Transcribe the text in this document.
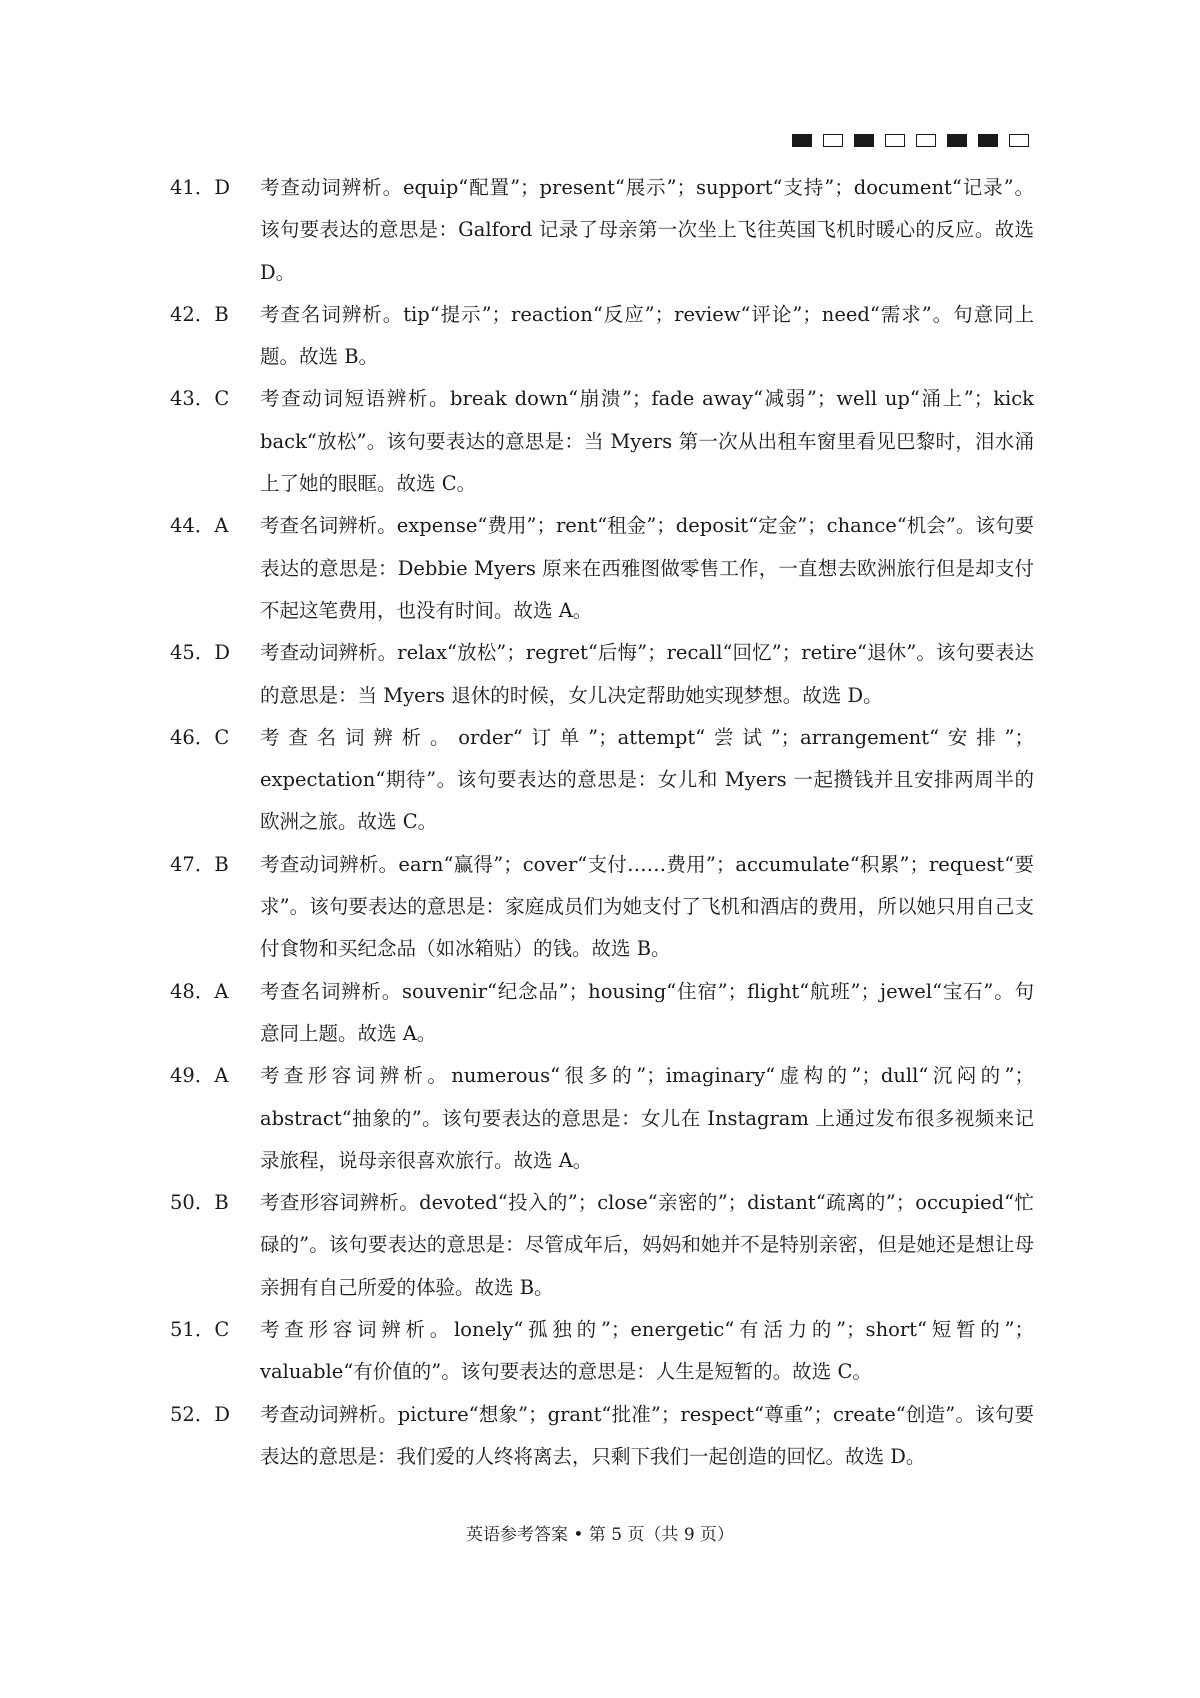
41．D	考查动词辨析。equip“配置”；present“展示”；support“支持”；document“记录”。该句要表达的意思是：Galford 记录了母亲第一次坐上飞往英国飞机时暖心的反应。故选 D。
42．B	考查名词辨析。tip“提示”；reaction“反应”；review“评论”；need“需求”。句意同上题。故选 B。
43．C	考查动词短语辨析。break down“崩溃”；fade away“减弱”；well up“涌上”；kick back“放松”。该句要表达的意思是：当 Myers 第一次从出租车窗里看见巴黎时，泪水涌上了她的眼眶。故选 C。
44．A	考查名词辨析。expense“费用”；rent“租金”；deposit“定金”；chance“机会”。该句要表达的意思是：Debbie Myers 原来在西雅图做零售工作，一直想去欧洲旅行但是却支付不起这笔费用，也没有时间。故选 A。
45．D	考查动词辨析。relax“放松”；regret“后悔”；recall“回忆”；retire“退休”。该句要表达的意思是：当 Myers 退休的时候，女儿决定帮助她实现梦想。故选 D。
46．C	考查名词辨析。order“订单”；attempt“尝试”；arrangement“安排”；expectation“期待”。该句要表达的意思是：女儿和 Myers 一起攒钱并且安排两周半的欧洲之旅。故选 C。
47．B	考查动词辨析。earn“赢得”；cover“支付……费用”；accumulate“积累”；request“要求”。该句要表达的意思是：家庭成员们为她支付了飞机和酒店的费用，所以她只用自己支付食物和买纪念品（如冰箱贴）的钱。故选 B。
48．A	考查名词辨析。souvenir“纪念品”；housing“住宿”；flight“航班”；jewel“宝石”。句意同上题。故选 A。
49．A	考查形容词辨析。numerous“很多的”；imaginary“虚构的”；dull“沉闷的”；abstract“抽象的”。该句要表达的意思是：女儿在 Instagram 上通过发布很多视频来记录旅程，说母亲很喜欢旅行。故选 A。
50．B	考查形容词辨析。devoted“投入的”；close“亲密的”；distant“疏离的”；occupied“忙碌的”。该句要表达的意思是：尽管成年后，妈妈和她并不是特别亲密，但是她还是想让母亲拥有自己所爱的体验。故选 B。
51．C	考查形容词辨析。lonely“孤独的”；energetic“有活力的”；short“短暂的”；valuable“有价值的”。该句要表达的意思是：人生是短暂的。故选 C。
52．D	考查动词辨析。picture“想象”；grant“批准”；respect“尊重”；create“创造”。该句要表达的意思是：我们爱的人终将离去，只剩下我们一起创造的回忆。故选 D。
英语参考答案 • 第 5 页（共 9 页）
